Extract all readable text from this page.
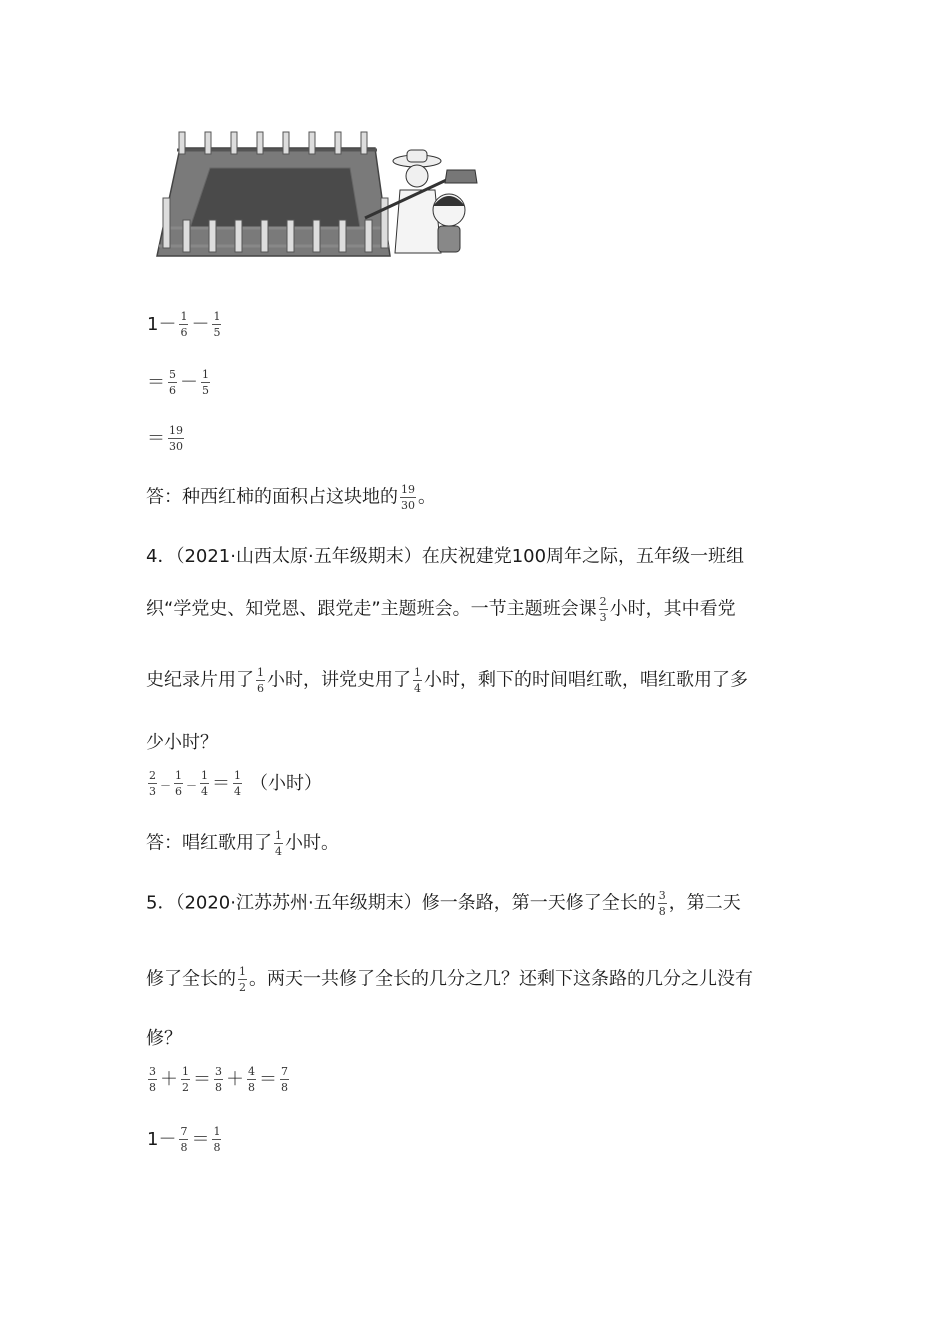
$1- \frac{1}{6} - \frac{1}{5}$
＝ $\frac{5}{6} - \frac{1}{5}$
＝ $\frac{19}{30}$
答：种西红柿的面积占这块地的 $\frac{19}{30}$ 。
4．（2021·山西太原·五年级期末）在庆祝建党100周年之际，五年级一班组
织“学党史、知党恩、跟党走”主题班会。一节主题班会课 $\frac{2}{3}$ 小时，其中看党
史纪录片用了 $\frac{1}{6}$ 小时，讲党史用了 $\frac{1}{4}$ 小时，剩下的时间唱红歌，唱红歌用了多
少小时？
$\frac{2}{3} - \frac{1}{6} - \frac{1}{4} = \frac{1}{4}$ （小时）
答：唱红歌用了 $\frac{1}{4}$ 小时。
5．（2020·江苏苏州·五年级期末）修一条路，第一天修了全长的 $\frac{3}{8}$ ，第二天
修了全长的 $\frac{1}{2}$ 。两天一共修了全长的几分之几？还剩下这条路的几分之儿没有
修？
$\frac{3}{8} + \frac{1}{2} = \frac{3}{8} + \frac{4}{8} = \frac{7}{8}$
$1- \frac{7}{8} = \frac{1}{8}$
